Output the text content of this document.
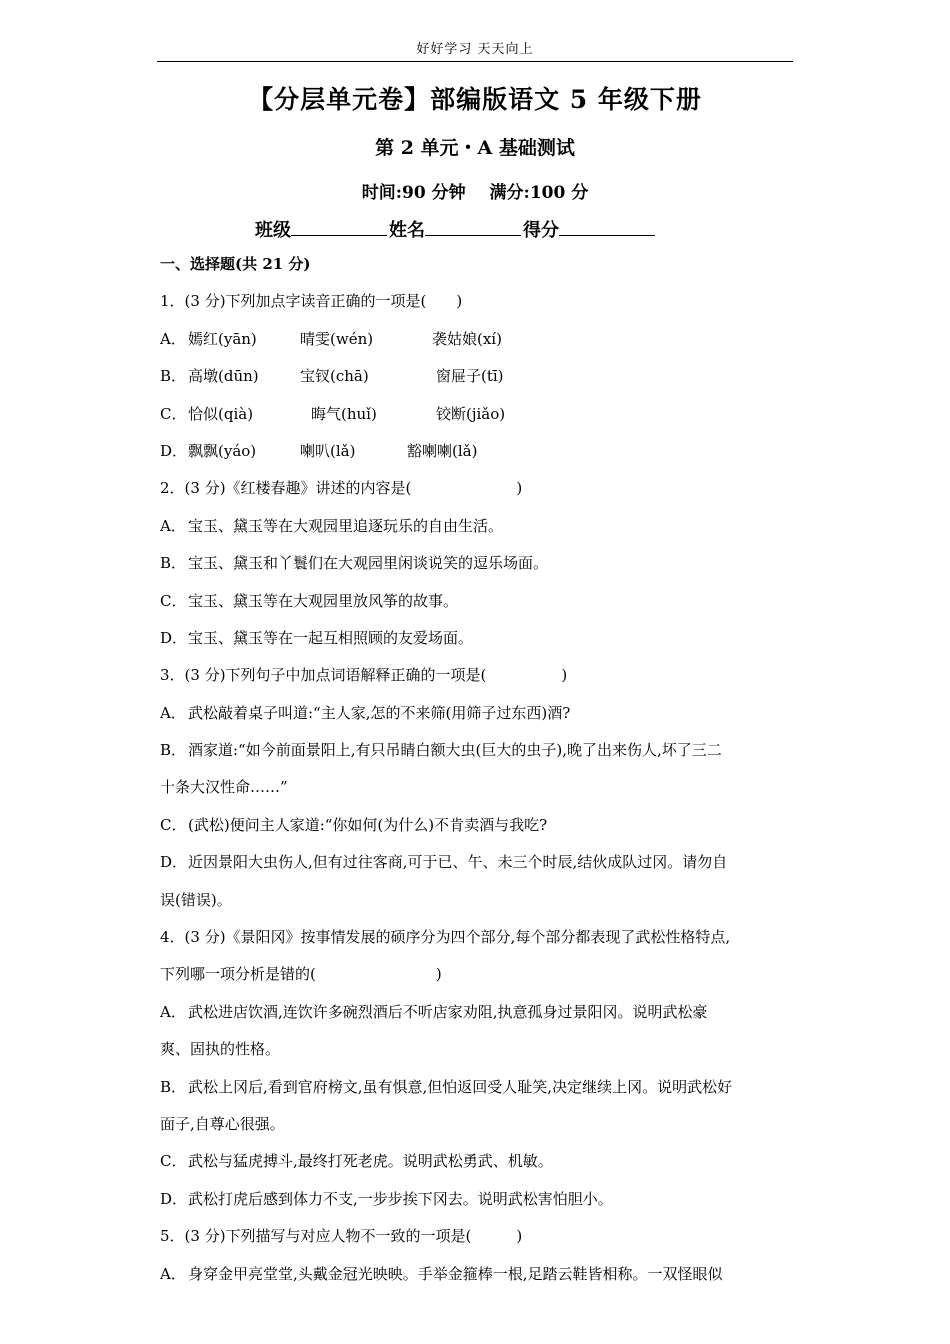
好好学习 天天向上
【分层单元卷】部编版语文 5 年级下册
第 2 单元・A 基础测试
时间:90 分钟 满分:100 分
班级	姓名	得分
一、选择题(共 21 分)
1．(3 分)下列加点字读音正确的一项是(　　)
A． 嫣红(yān)	晴雯(wén)	袭姑娘(xí)
B． 高墩(dūn)	宝钗(chā)	窗屉子(tī)
C． 恰似(qià)	晦气(huǐ)	铰断(jiǎo)
D．飘飘(yáo)	喇叭(lǎ)	豁喇喇(lǎ)
2．(3 分)《红楼春趣》讲述的内容是(　　　　　　　)
A． 宝玉、黛玉等在大观园里追逐玩乐的自由生活。
B． 宝玉、黛玉和丫鬟们在大观园里闲谈说笑的逗乐场面。
C． 宝玉、黛玉等在大观园里放风筝的故事。
D．宝玉、黛玉等在一起互相照顾的友爱场面。
3．(3 分)下列句子中加点词语解释正确的一项是(　　　　　)
A． 武松敲着桌子叫道:“主人家,怎的不来筛(用筛子过东西)酒?
B． 酒家道:“如今前面景阳上,有只吊睛白额大虫(巨大的虫子),晚了出来伤人,坏了三二
十条大汉性命……”
C． (武松)便问主人家道:“你如何(为什么)不肯卖酒与我吃?
D．近因景阳大虫伤人,但有过往客商,可于已、午、未三个时辰,结伙成队过冈。请勿自
误(错误)。
4．(3 分)《景阳冈》按事情发展的硕序分为四个部分,每个部分都表现了武松性格特点,
下列哪一项分析是错的(　　　　　　　　)
A． 武松进店饮酒,连饮许多碗烈酒后不听店家劝阻,执意孤身过景阳冈。说明武松豪
爽、固执的性格。
B． 武松上冈后,看到官府榜文,虽有惧意,但怕返回受人耻笑,决定继续上冈。说明武松好
面子,自尊心很强。
C． 武松与猛虎搏斗,最终打死老虎。说明武松勇武、机敏。
D．武松打虎后感到体力不支,一步步挨下冈去。说明武松害怕胆小。
5．(3 分)下列描写与对应人物不一致的一项是(　　　)
A． 身穿金甲亮堂堂,头戴金冠光映映。手举金箍棒一根,足踏云鞋皆相称。一双怪眼似
